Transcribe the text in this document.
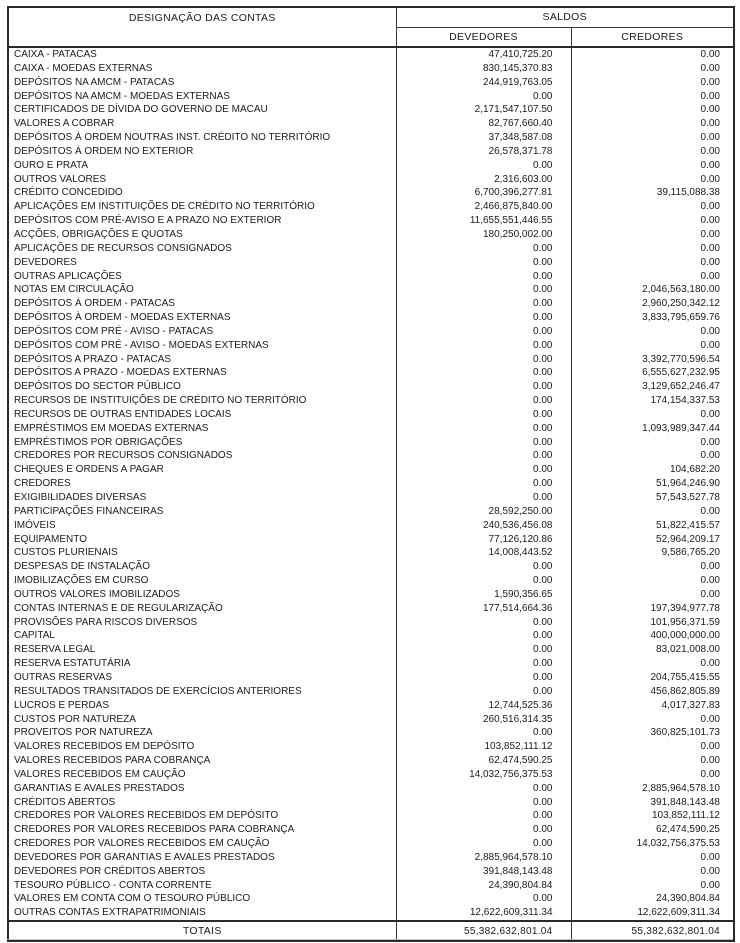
DESIGNAÇÃO DAS CONTAS	SALDOS	
	DEVEDORES	CREDORES
CAIXA - PATACAS	47,410,725.20	0.00
CAIXA - MOEDAS EXTERNAS	830,145,370.83	0.00
DEPÓSITOS NA AMCM - PATACAS	244,919,763.05	0.00
DEPÓSITOS NA AMCM - MOEDAS EXTERNAS	0.00	0.00
CERTIFICADOS DE DÍVIDA DO GOVERNO DE MACAU	2,171,547,107.50	0.00
VALORES A COBRAR	82,767,660.40	0.00
DEPÓSITOS À ORDEM NOUTRAS INST. CRÉDITO NO TERRITÓRIO	37,348,587.08	0.00
DEPÓSITOS À ORDEM NO EXTERIOR	26,578,371.78	0.00
OURO E PRATA	0.00	0.00
OUTROS VALORES	2,316,603.00	0.00
CRÉDITO CONCEDIDO	6,700,396,277.81	39,115,088.38
APLICAÇÕES EM INSTITUIÇÕES DE CRÉDITO NO TERRITÓRIO	2,466,875,840.00	0.00
DEPÓSITOS COM PRÉ-AVISO E A PRAZO NO EXTERIOR	11,655,551,446.55	0.00
ACÇÕES, OBRIGAÇÕES E QUOTAS	180,250,002.00	0.00
APLICAÇÕES DE RECURSOS CONSIGNADOS	0.00	0.00
DEVEDORES	0.00	0.00
OUTRAS APLICAÇÕES	0.00	0.00
NOTAS EM CIRCULAÇÃO	0.00	2,046,563,180.00
DEPÓSITOS À ORDEM - PATACAS	0.00	2,960,250,342.12
DEPÓSITOS À ORDEM - MOEDAS EXTERNAS	0.00	3,833,795,659.76
DEPÓSITOS COM PRÉ - AVISO - PATACAS	0.00	0.00
DEPÓSITOS COM PRÉ - AVISO - MOEDAS EXTERNAS	0.00	0.00
DEPÓSITOS A PRAZO - PATACAS	0.00	3,392,770,596.54
DEPÓSITOS A PRAZO - MOEDAS EXTERNAS	0.00	6,555,627,232.95
DEPÓSITOS DO SECTOR PÚBLICO	0.00	3,129,652,246.47
RECURSOS DE INSTITUIÇÕES DE CRÉDITO NO TERRITÓRIO	0.00	174,154,337.53
RECURSOS DE OUTRAS ENTIDADES LOCAIS	0.00	0.00
EMPRÉSTIMOS EM MOEDAS EXTERNAS	0.00	1,093,989,347.44
EMPRÉSTIMOS POR OBRIGAÇÕES	0.00	0.00
CREDORES POR RECURSOS CONSIGNADOS	0.00	0.00
CHEQUES E ORDENS A PAGAR	0.00	104,682.20
CREDORES	0.00	51,964,246.90
EXIGIBILIDADES DIVERSAS	0.00	57,543,527.78
PARTICIPAÇÕES FINANCEIRAS	28,592,250.00	0.00
IMÓVEIS	240,536,456.08	51,822,415.57
EQUIPAMENTO	77,126,120.86	52,964,209.17
CUSTOS PLURIENAIS	14,008,443.52	9,586,765.20
DESPESAS DE INSTALAÇÃO	0.00	0.00
IMOBILIZAÇÕES EM CURSO	0.00	0.00
OUTROS VALORES IMOBILIZADOS	1,590,356.65	0.00
CONTAS INTERNAS E DE REGULARIZAÇÃO	177,514,664.36	197,394,977.78
PROVISÕES PARA RISCOS DIVERSOS	0.00	101,956,371.59
CAPITAL	0.00	400,000,000.00
RESERVA LEGAL	0.00	83,021,008.00
RESERVA ESTATUTÁRIA	0.00	0.00
OUTRAS RESERVAS	0.00	204,755,415.55
RESULTADOS TRANSITADOS DE EXERCÍCIOS ANTERIORES	0.00	456,862,805.89
LUCROS E PERDAS	12,744,525.36	4,017,327.83
CUSTOS POR NATUREZA	260,516,314.35	0.00
PROVEITOS POR NATUREZA	0.00	360,825,101.73
VALORES RECEBIDOS EM DEPÓSITO	103,852,111.12	0.00
VALORES RECEBIDOS PARA COBRANÇA	62,474,590.25	0.00
VALORES RECEBIDOS EM CAUÇÃO	14,032,756,375.53	0.00
GARANTIAS E AVALES PRESTADOS	0.00	2,885,964,578.10
CRÉDITOS ABERTOS	0.00	391,848,143.48
CREDORES POR VALORES RECEBIDOS EM DEPÓSITO	0.00	103,852,111.12
CREDORES POR VALORES RECEBIDOS PARA COBRANÇA	0.00	62,474,590.25
CREDORES POR VALORES RECEBIDOS EM CAUÇÃO	0.00	14,032,756,375.53
DEVEDORES POR GARANTIAS E AVALES PRESTADOS	2,885,964,578.10	0.00
DEVEDORES POR CRÉDITOS ABERTOS	391,848,143.48	0.00
TESOURO PÚBLICO - CONTA CORRENTE	24,390,804.84	0.00
VALORES EM CONTA COM O TESOURO PÚBLICO	0.00	24,390,804.84
OUTRAS CONTAS EXTRAPATRIMONIAIS	12,622,609,311.34	12,622,609,311.34
TOTAIS	55,382,632,801.04	55,382,632,801.04
